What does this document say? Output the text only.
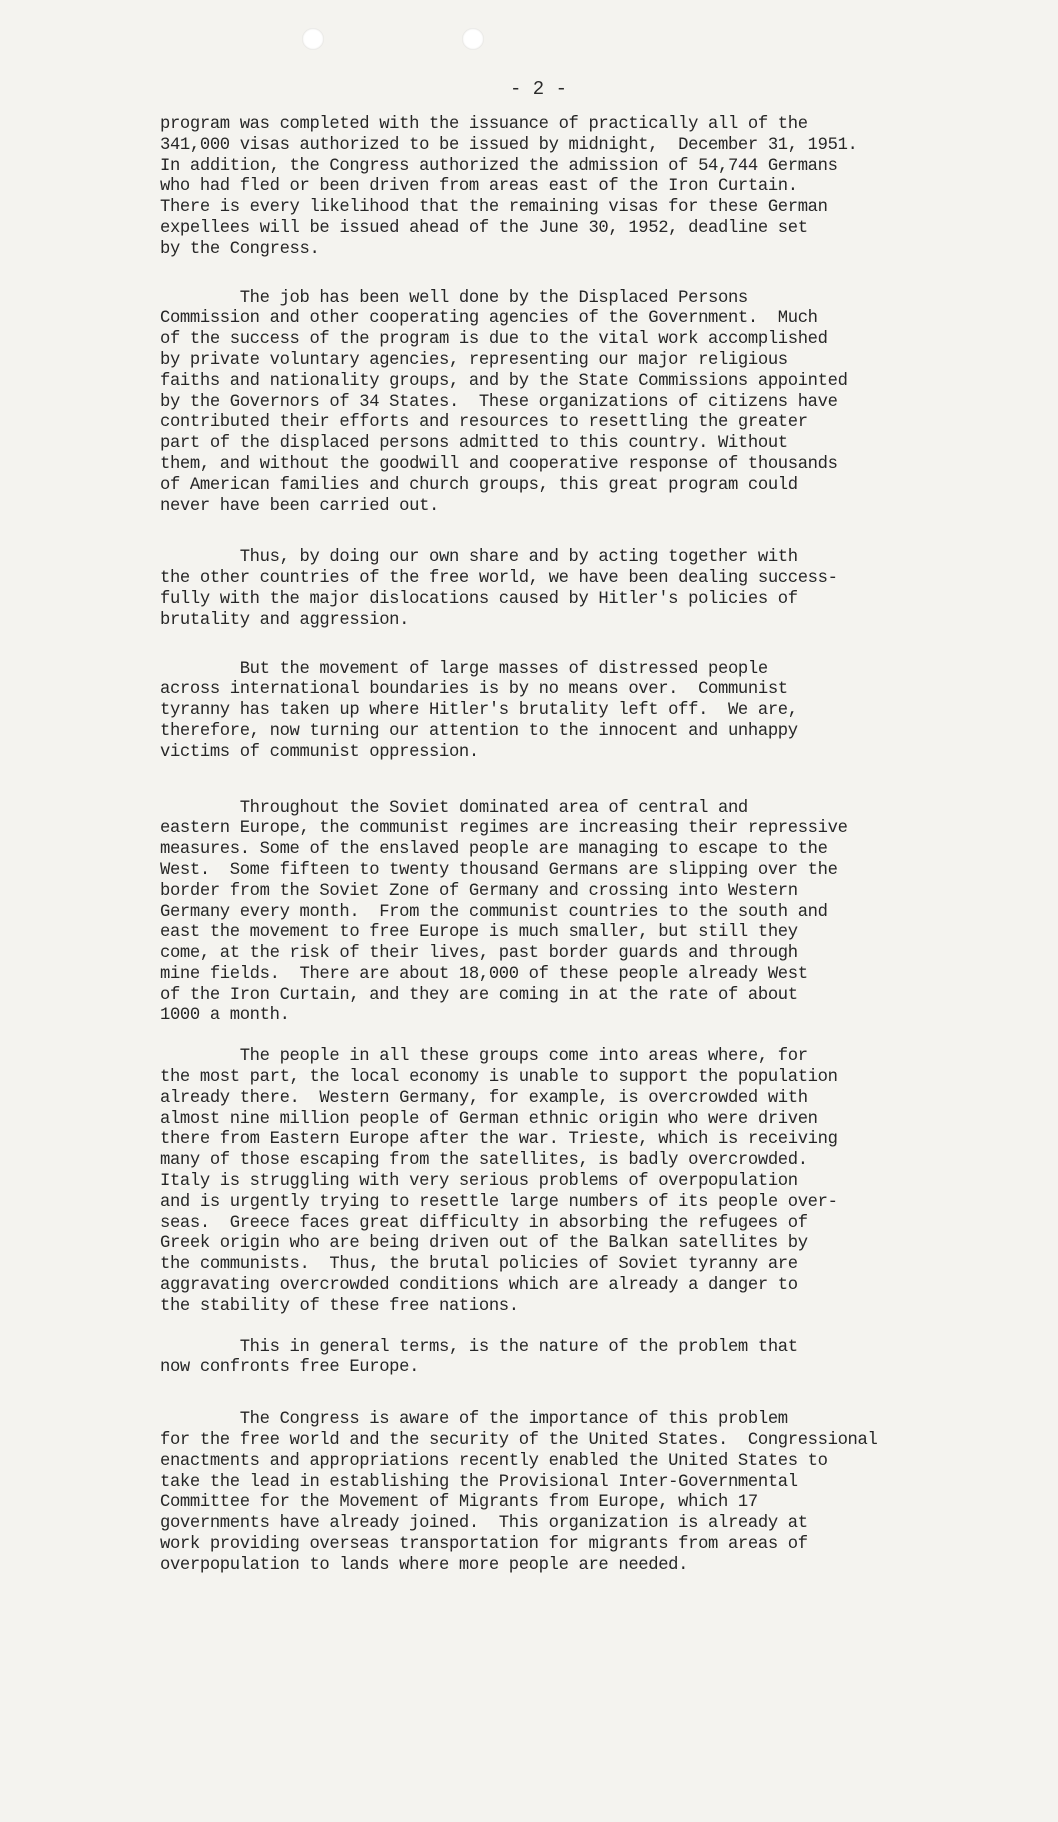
- 2 -
program was completed with the issuance of practically all of the
341,000 visas authorized to be issued by midnight,  December 31, 1951.
In addition, the Congress authorized the admission of 54,744 Germans
who had fled or been driven from areas east of the Iron Curtain.
There is every likelihood that the remaining visas for these German
expellees will be issued ahead of the June 30, 1952, deadline set
by the Congress.
The job has been well done by the Displaced Persons
Commission and other cooperating agencies of the Government.  Much
of the success of the program is due to the vital work accomplished
by private voluntary agencies, representing our major religious
faiths and nationality groups, and by the State Commissions appointed
by the Governors of 34 States.  These organizations of citizens have
contributed their efforts and resources to resettling the greater
part of the displaced persons admitted to this country. Without
them, and without the goodwill and cooperative response of thousands
of American families and church groups, this great program could
never have been carried out.
Thus, by doing our own share and by acting together with
the other countries of the free world, we have been dealing success-
fully with the major dislocations caused by Hitler's policies of
brutality and aggression.
But the movement of large masses of distressed people
across international boundaries is by no means over.  Communist
tyranny has taken up where Hitler's brutality left off.  We are,
therefore, now turning our attention to the innocent and unhappy
victims of communist oppression.
Throughout the Soviet dominated area of central and
eastern Europe, the communist regimes are increasing their repressive
measures. Some of the enslaved people are managing to escape to the
West.  Some fifteen to twenty thousand Germans are slipping over the
border from the Soviet Zone of Germany and crossing into Western
Germany every month.  From the communist countries to the south and
east the movement to free Europe is much smaller, but still they
come, at the risk of their lives, past border guards and through
mine fields.  There are about 18,000 of these people already West
of the Iron Curtain, and they are coming in at the rate of about
1000 a month.
The people in all these groups come into areas where, for
the most part, the local economy is unable to support the population
already there.  Western Germany, for example, is overcrowded with
almost nine million people of German ethnic origin who were driven
there from Eastern Europe after the war. Trieste, which is receiving
many of those escaping from the satellites, is badly overcrowded.
Italy is struggling with very serious problems of overpopulation
and is urgently trying to resettle large numbers of its people over-
seas.  Greece faces great difficulty in absorbing the refugees of
Greek origin who are being driven out of the Balkan satellites by
the communists.  Thus, the brutal policies of Soviet tyranny are
aggravating overcrowded conditions which are already a danger to
the stability of these free nations.
This in general terms, is the nature of the problem that
now confronts free Europe.
The Congress is aware of the importance of this problem
for the free world and the security of the United States.  Congressional
enactments and appropriations recently enabled the United States to
take the lead in establishing the Provisional Inter-Governmental
Committee for the Movement of Migrants from Europe, which 17
governments have already joined.  This organization is already at
work providing overseas transportation for migrants from areas of
overpopulation to lands where more people are needed.
